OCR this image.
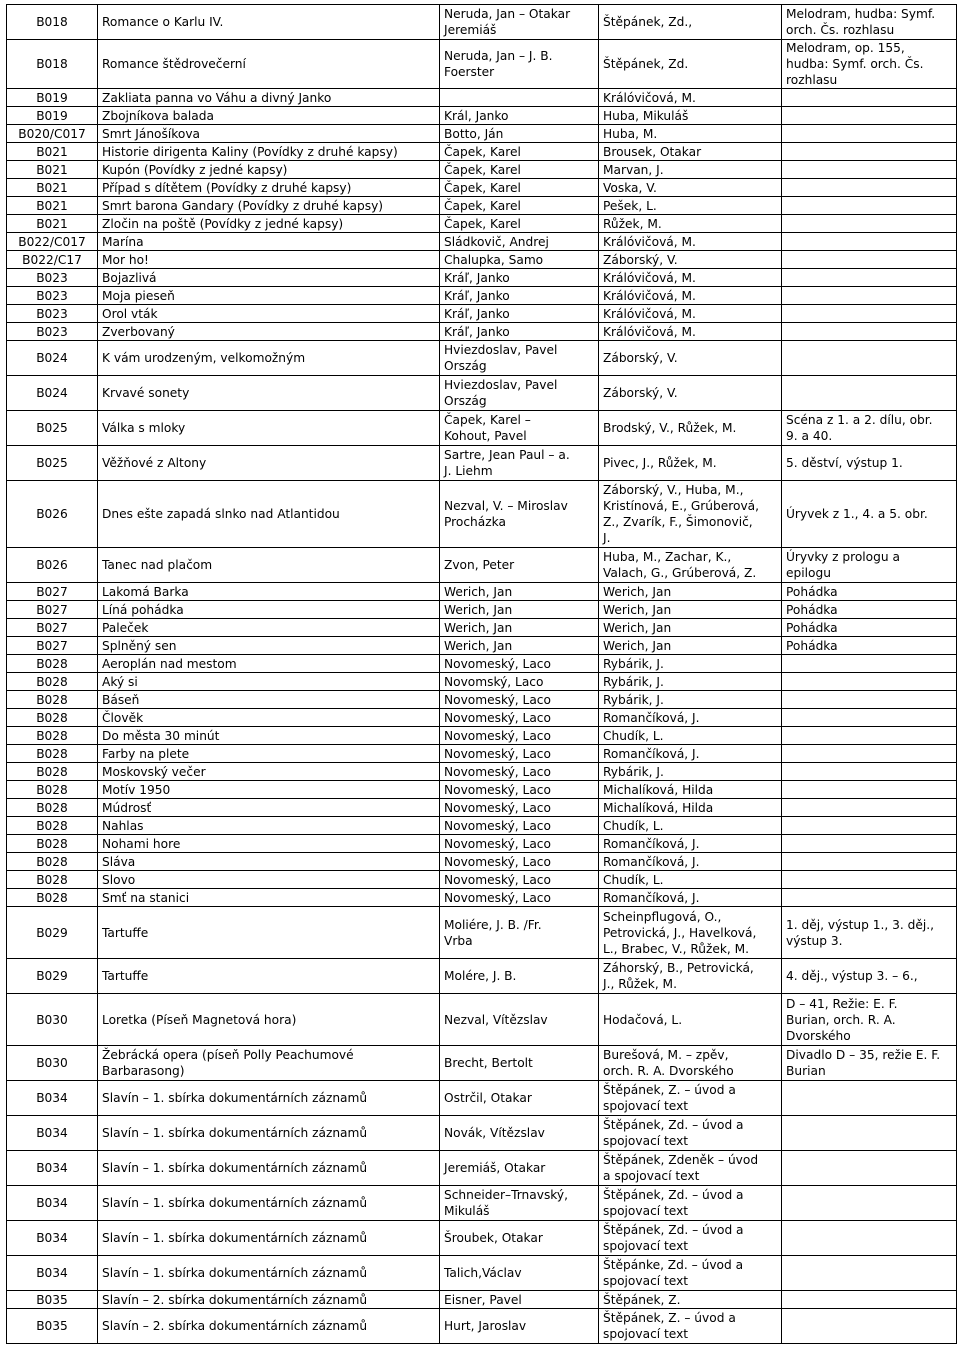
B018	Romance o Karlu IV.	Neruda, Jan – Otakar
Jeremiáš	Štěpánek, Zd.,	Melodram, hudba: Symf.
orch. Čs. rozhlasu
B018	Romance štědrovečerní	Neruda, Jan – J. B.
Foerster	Štěpánek, Zd.	Melodram, op. 155,
hudba: Symf. orch. Čs.
rozhlasu
B019	Zakliata panna vo Váhu a divný Janko		Králóvičová, M.	
B019	Zbojníkova balada	Král, Janko	Huba, Mikuláš	
B020/C017	Smrt Jánošíkova	Botto, Ján	Huba, M.	
B021	Historie dirigenta Kaliny (Povídky z druhé kapsy)	Čapek, Karel	Brousek, Otakar	
B021	Kupón (Povídky z jedné kapsy)	Čapek, Karel	Marvan, J.	
B021	Případ s dítětem (Povídky z druhé kapsy)	Čapek, Karel	Voska, V.	
B021	Smrt barona Gandary (Povídky z druhé kapsy)	Čapek, Karel	Pešek, L.	
B021	Zločin na poště (Povídky z jedné kapsy)	Čapek, Karel	Růžek, M.	
B022/C017	Marína	Sládkovič, Andrej	Králóvičová, M.	
B022/C17	Mor ho!	Chalupka, Samo	Záborský, V.	
B023	Bojazlivá	Kráľ, Janko	Králóvičová, M.	
B023	Moja pieseň	Kráľ, Janko	Králóvičová, M.	
B023	Orol vták	Kráľ, Janko	Králóvičová, M.	
B023	Zverbovaný	Kráľ, Janko	Králóvičová, M.	
B024	K vám urodzeným, velkomožným	Hviezdoslav, Pavel
Ország	Záborský, V.	
B024	Krvavé sonety	Hviezdoslav, Pavel
Ország	Záborský, V.	
B025	Válka s mloky	Čapek, Karel –
Kohout, Pavel	Brodský, V., Růžek, M.	Scéna z 1. a 2. dílu, obr.
9. a 40.
B025	Věžňové z Altony	Sartre, Jean Paul – a.
J. Liehm	Pivec, J., Růžek, M.	5. děství, výstup 1.
B026	Dnes ešte zapadá slnko nad Atlantidou	Nezval, V. – Miroslav
Procházka	Záborský, V., Huba, M.,
Kristínová, E., Grúberová,
Z., Zvarík, F., Šimonovič,
J.	Úryvek z 1., 4. a 5. obr.
B026	Tanec nad plačom	Zvon, Peter	Huba, M., Zachar, K.,
Valach, G., Grúberová, Z.	Úryvky z prologu a
epilogu
B027	Lakomá Barka	Werich, Jan	Werich, Jan	Pohádka
B027	Líná pohádka	Werich, Jan	Werich, Jan	Pohádka
B027	Paleček	Werich, Jan	Werich, Jan	Pohádka
B027	Splněný sen	Werich, Jan	Werich, Jan	Pohádka
B028	Aeroplán nad mestom	Novomeský, Laco	Rybárik, J.	
B028	Aký si	Novomský, Laco	Rybárik, J.	
B028	Báseň	Novomeský, Laco	Rybárik, J.	
B028	Človĕk	Novomeský, Laco	Romančíková, J.	
B028	Do města 30 minút	Novomeský, Laco	Chudík, L.	
B028	Farby na plete	Novomeský, Laco	Romančíková, J.	
B028	Moskovský večer	Novomeský, Laco	Rybárik, J.	
B028	Motív 1950	Novomeský, Laco	Michalíková, Hilda	
B028	Múdrosť	Novomeský, Laco	Michalíková, Hilda	
B028	Nahlas	Novomeský, Laco	Chudík, L.	
B028	Nohami hore	Novomeský, Laco	Romančíková, J.	
B028	Sláva	Novomeský, Laco	Romančíková, J.	
B028	Slovo	Novomeský, Laco	Chudík, L.	
B028	Smť na stanici	Novomeský, Laco	Romančíková, J.	
B029	Tartuffe	Moliére, J. B. /Fr.
Vrba	Scheinpflugová, O.,
Petrovická, J., Havelková,
L., Brabec, V., Růžek, M.	1. děj, výstup 1., 3. děj.,
výstup 3.
B029	Tartuffe	Molére, J. B.	Záhorský, B., Petrovická,
J., Růžek, M.	4. děj., výstup 3. – 6.,
B030	Loretka (Píseň Magnetová hora)	Nezval, Vítězslav	Hodačová, L.	D – 41, Režie: E. F.
Burian, orch. R. A.
Dvorského
B030	Žebrácká opera (píseň Polly Peachumové
Barbarasong)	Brecht, Bertolt	Burešová, M. – zpěv,
orch. R. A. Dvorského	Divadlo D – 35, režie E. F.
Burian
B034	Slavín – 1. sbírka dokumentárních záznamů	Ostrčil, Otakar	Štěpánek, Z. – úvod a
spojovací text	
B034	Slavín – 1. sbírka dokumentárních záznamů	Novák, Vítězslav	Štěpánek, Zd. – úvod a
spojovací text	
B034	Slavín – 1. sbírka dokumentárních záznamů	Jeremiáš, Otakar	Štěpánek, Zdeněk – úvod
a spojovací text	
B034	Slavín – 1. sbírka dokumentárních záznamů	Schneider–Trnavský,
Mikuláš	Štěpánek, Zd. – úvod a
spojovací text	
B034	Slavín – 1. sbírka dokumentárních záznamů	Šroubek, Otakar	Štěpánek, Zd. – úvod a
spojovací text	
B034	Slavín – 1. sbírka dokumentárních záznamů	Talich,Václav	Štěpánke, Zd. – úvod a
spojovací text	
B035	Slavín – 2. sbírka dokumentárních záznamů	Eisner, Pavel	Štěpánek, Z.	
B035	Slavín – 2. sbírka dokumentárních záznamů	Hurt, Jaroslav	Štěpánek, Z. – úvod a
spojovací text	
